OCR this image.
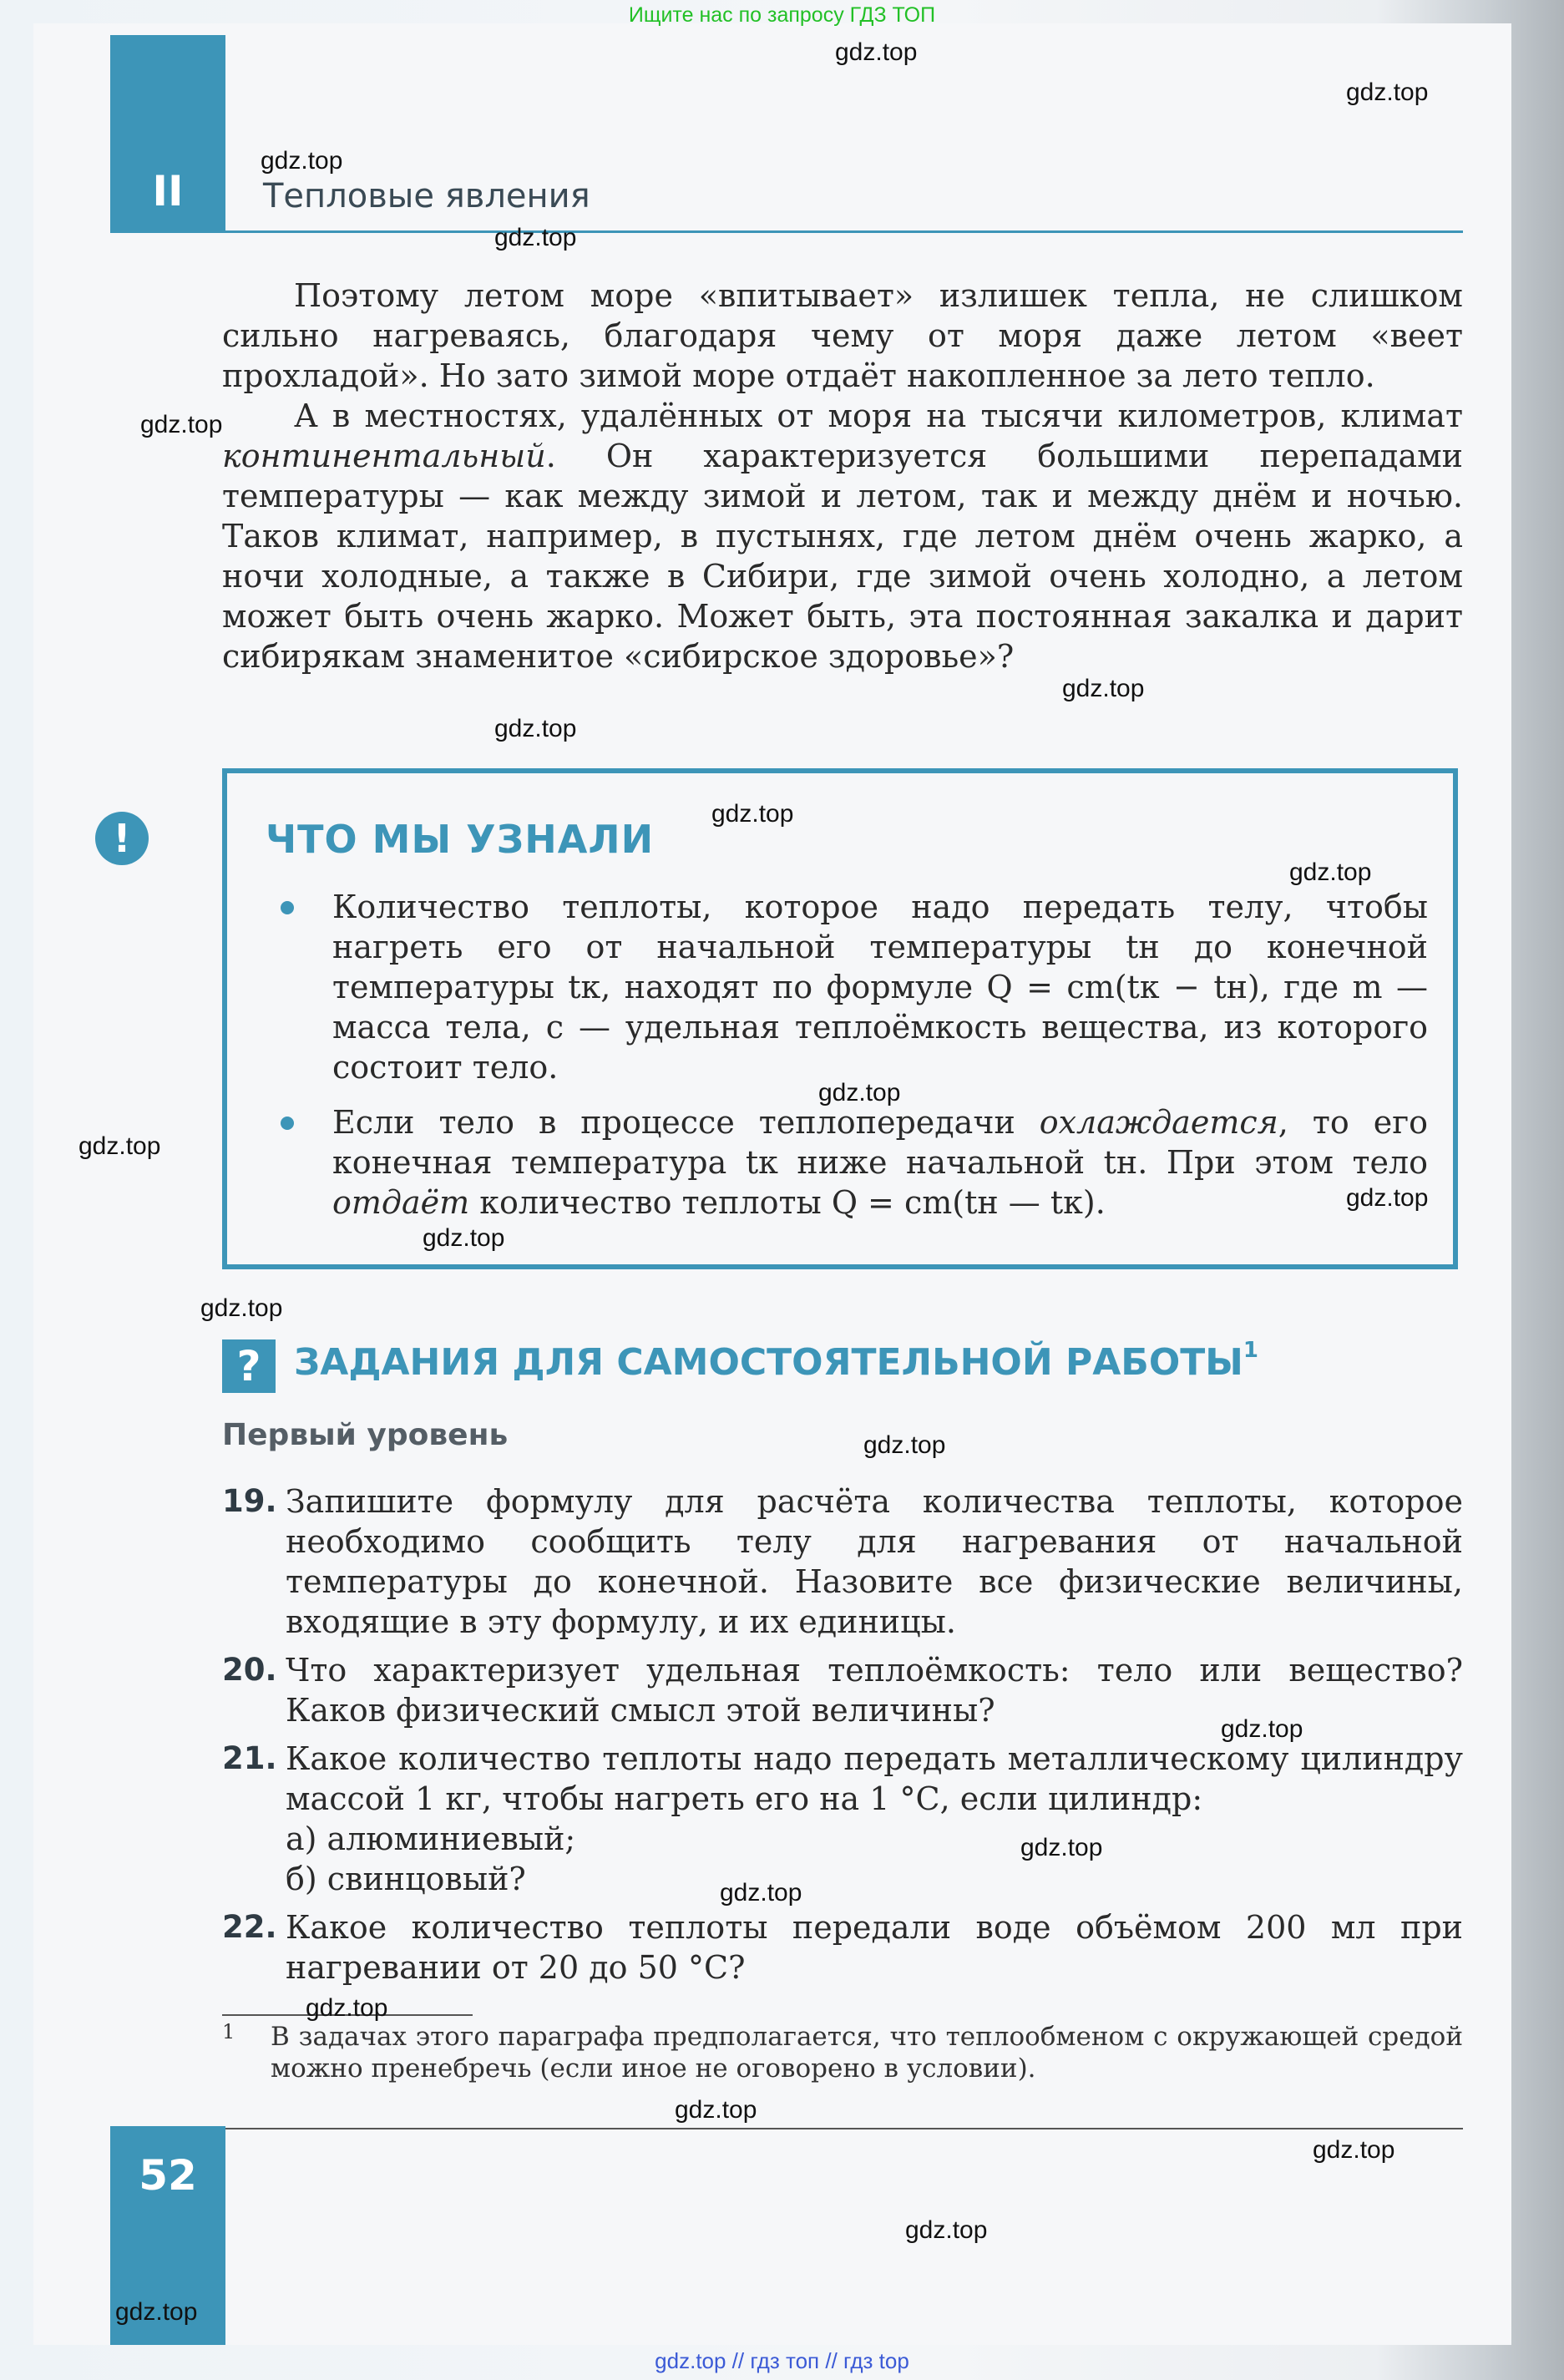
Ищите нас по запросу ГДЗ ТОП
II	Тепловые явления

Поэтому летом море «впитывает» излишек тепла, не слишком сильно нагреваясь, благодаря чему от моря даже летом «веет прохладой». Но зато зимой море отдаёт накопленное за лето тепло.

А в местностях, удалённых от моря на тысячи километров, климат континентальный. Он характеризуется большими перепадами температуры — как между зимой и летом, так и между днём и ночью. Таков климат, например, в пустынях, где летом днём очень жарко, а ночи холодные, а также в Сибири, где зимой очень холодно, а летом может быть очень жарко. Может быть, эта постоянная закалка и дарит сибирякам знаменитое «сибирское здоровье»?

!	ЧТО МЫ УЗНАЛИ
Количество теплоты, которое надо передать телу, чтобы нагреть его от начальной температуры tн до конечной температуры tк, находят по формуле Q = cm(tк − tн), где m — масса тела, c — удельная теплоёмкость вещества, из которого состоит тело.
Если тело в процессе теплопередачи охлаждается, то его конечная температура tк ниже начальной tн. При этом тело отдаёт количество теплоты Q = cm(tн — tк).
? ЗАДАНИЯ ДЛЯ САМОСТОЯТЕЛЬНОЙ РАБОТЫ$^1$
Первый уровень
19. Запишите формулу для расчёта количества теплоты, которое необходимо сообщить телу для нагревания от начальной температуры до конечной. Назовите все физические величины, входящие в эту формулу, и их единицы.
20. Что характеризует удельная теплоёмкость: тело или вещество? Каков физический смысл этой величины?
21. Какое количество теплоты надо передать металлическому цилиндру массой 1 кг, чтобы нагреть его на 1 °С, если цилиндр:
а) алюминиевый;
б) свинцовый?
22. Какое количество теплоты передали воде объёмом 200 мл при нагревании от 20 до 50 °С?
1	В задачах этого параграфа предполагается, что теплообменом с окружающей средой можно пренебречь (если иное не оговорено в условии).
52
gdz.top // гдз топ // гдз top
gdz.top
gdz.top
gdz.top
gdz.top
gdz.top
gdz.top
gdz.top
gdz.top
gdz.top
gdz.top
gdz.top
gdz.top
gdz.top
gdz.top
gdz.top
gdz.top
gdz.top
gdz.top
gdz.top
gdz.top
gdz.top
gdz.top
gdz.top
